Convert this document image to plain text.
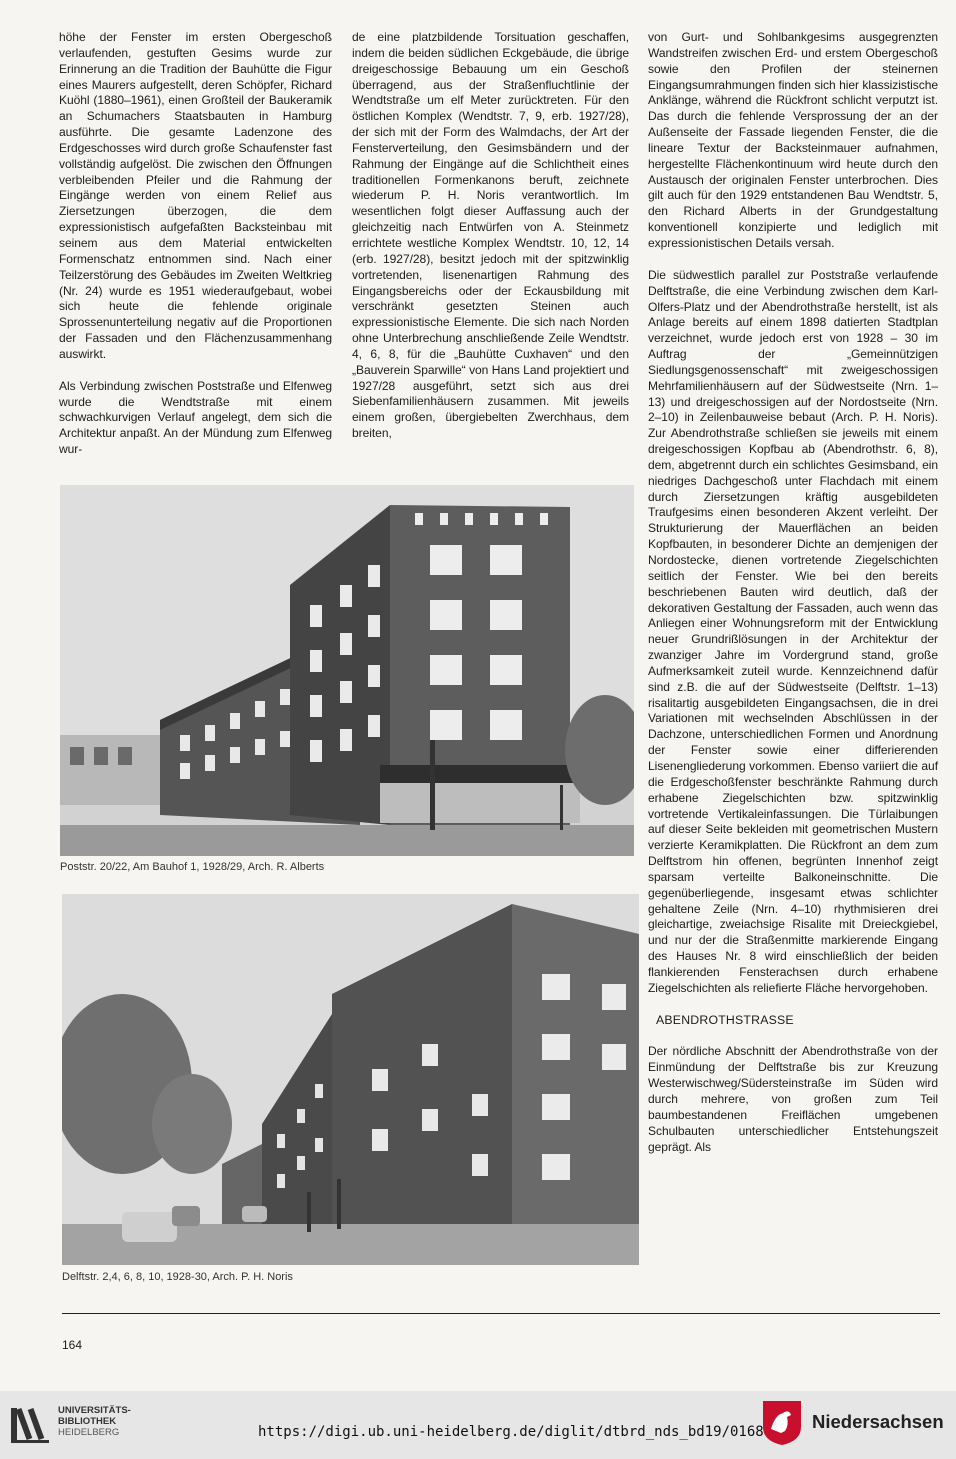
höhe der Fenster im ersten Obergeschoß verlaufenden, gestuften Gesims wurde zur Erinnerung an die Tradition der Bauhütte die Figur eines Maurers aufgestellt, deren Schöpfer, Richard Kuöhl (1880–1961), einen Großteil der Baukeramik an Schumachers Staatsbauten in Hamburg ausführte. Die gesamte Ladenzone des Erdgeschosses wird durch große Schaufenster fast vollständig aufgelöst. Die zwischen den Öffnungen verbleibenden Pfeiler und die Rahmung der Eingänge werden von einem Relief aus Ziersetzungen überzogen, die dem expressionistisch aufgefaßten Backsteinbau mit seinem aus dem Material entwickelten Formenschatz entnommen sind. Nach einer Teilzerstörung des Gebäudes im Zweiten Weltkrieg (Nr. 24) wurde es 1951 wiederaufgebaut, wobei sich heute die fehlende originale Sprossenunterteilung negativ auf die Proportionen der Fassaden und den Flächenzusammenhang auswirkt.

Als Verbindung zwischen Poststraße und Elfenweg wurde die Wendtstraße mit einem schwachkurvigen Verlauf angelegt, dem sich die Architektur anpaßt. An der Mündung zum Elfenweg wur-

de eine platzbildende Torsituation geschaffen, indem die beiden südlichen Eckgebäude, die übrige dreigeschossige Bebauung um ein Geschoß überragend, aus der Straßenfluchtlinie der Wendtstraße um elf Meter zurücktreten. Für den östlichen Komplex (Wendtstr. 7, 9, erb. 1927/28), der sich mit der Form des Walmdachs, der Art der Fensterverteilung, den Gesimsbändern und der Rahmung der Eingänge auf die Schlichtheit eines traditionellen Formenkanons beruft, zeichnete wiederum P. H. Noris verantwortlich. Im wesentlichen folgt dieser Auffassung auch der gleichzeitig nach Entwürfen von A. Steinmetz errichtete westliche Komplex Wendtstr. 10, 12, 14 (erb. 1927/28), besitzt jedoch mit der spitzwinklig vortretenden, lisenenartigen Rahmung des Eingangsbereichs oder der Eckausbildung mit verschränkt gesetzten Steinen auch expressionistische Elemente. Die sich nach Norden ohne Unterbrechung anschließende Zeile Wendtstr. 4, 6, 8, für die „Bauhütte Cuxhaven“ und den „Bauverein Sparwille“ von Hans Land projektiert und 1927/28 ausgeführt, setzt sich aus drei Siebenfamilienhäusern zusammen. Mit jeweils einem großen, übergiebelten Zwerchhaus, dem breiten,

von Gurt- und Sohlbankgesims ausgegrenzten Wandstreifen zwischen Erd- und erstem Obergeschoß sowie den Profilen der steinernen Eingangsumrahmungen finden sich hier klassizistische Anklänge, während die Rückfront schlicht verputzt ist. Das durch die fehlende Versprossung der an der Außenseite der Fassade liegenden Fenster, die die lineare Textur der Backsteinmauer aufnahmen, hergestellte Flächenkontinuum wird heute durch den Austausch der originalen Fenster unterbrochen. Dies gilt auch für den 1929 entstandenen Bau Wendtstr. 5, den Richard Alberts in der Grundgestaltung konventionell konzipierte und lediglich mit expressionistischen Details versah.

Die südwestlich parallel zur Poststraße verlaufende Delftstraße, die eine Verbindung zwischen dem Karl-Olfers-Platz und der Abendrothstraße herstellt, ist als Anlage bereits auf einem 1898 datierten Stadtplan verzeichnet, wurde jedoch erst von 1928 – 30 im Auftrag der „Gemeinnützigen Siedlungsgenossenschaft“ mit zweigeschossigen Mehrfamilienhäusern auf der Südwestseite (Nrn. 1–13) und dreigeschossigen auf der Nordostseite (Nrn. 2–10) in Zeilenbauweise bebaut (Arch. P. H. Noris). Zur Abendrothstraße schließen sie jeweils mit einem dreigeschossigen Kopfbau ab (Abendrothstr. 6, 8), dem, abgetrennt durch ein schlichtes Gesimsband, ein niedriges Dachgeschoß unter Flachdach mit einem durch Ziersetzungen kräftig ausgebildeten Traufgesims einen besonderen Akzent verleiht. Der Strukturierung der Mauerflächen an beiden Kopfbauten, in besonderer Dichte an demjenigen der Nordostecke, dienen vortretende Ziegelschichten seitlich der Fenster. Wie bei den bereits beschriebenen Bauten wird deutlich, daß der dekorativen Gestaltung der Fassaden, auch wenn das Anliegen einer Wohnungsreform mit der Entwicklung neuer Grundrißlösungen in der Architektur der zwanziger Jahre im Vordergrund stand, große Aufmerksamkeit zuteil wurde. Kennzeichnend dafür sind z.B. die auf der Südwestseite (Delftstr. 1–13) risalitartig ausgebildeten Eingangsachsen, die in drei Variationen mit wechselnden Abschlüssen in der Dachzone, unterschiedlichen Formen und Anordnung der Fenster sowie einer differierenden Lisenengliederung vorkommen. Ebenso variiert die auf die Erdgeschoßfenster beschränkte Rahmung durch erhabene Ziegelschichten bzw. spitzwinklig vortretende Vertikaleinfassungen. Die Türlaibungen auf dieser Seite bekleiden mit geometrischen Mustern verzierte Keramikplatten. Die Rückfront an dem zum Delftstrom hin offenen, begrünten Innenhof zeigt sparsam verteilte Balkoneinschnitte. Die gegenüberliegende, insgesamt etwas schlichter gehaltene Zeile (Nrn. 4–10) rhythmisieren drei gleichartige, zweiachsige Risalite mit Dreieckgiebel, und nur der die Straßenmitte markierende Eingang des Hauses Nr. 8 wird einschließlich der beiden flankierenden Fensterachsen durch erhabene Ziegelschichten als reliefierte Fläche hervorgehoben.

ABENDROTHSTRASSE

Der nördliche Abschnitt der Abendrothstraße von der Einmündung der Delftstraße bis zur Kreuzung Westerwischweg/Südersteinstraße im Süden wird durch mehrere, von großen zum Teil baumbestandenen Freiflächen umgebenen Schulbauten unterschiedlicher Entstehungszeit geprägt. Als

Poststr. 20/22, Am Bauhof 1, 1928/29, Arch. R. Alberts
Delftstr. 2,4, 6, 8, 10, 1928-30, Arch. P. H. Noris
164
UNIVERSITÄTS-
BIBLIOTHEK
HEIDELBERG	https://digi.ub.uni-heidelberg.de/diglit/dtbrd_nds_bd19/0168	Niedersachsen
